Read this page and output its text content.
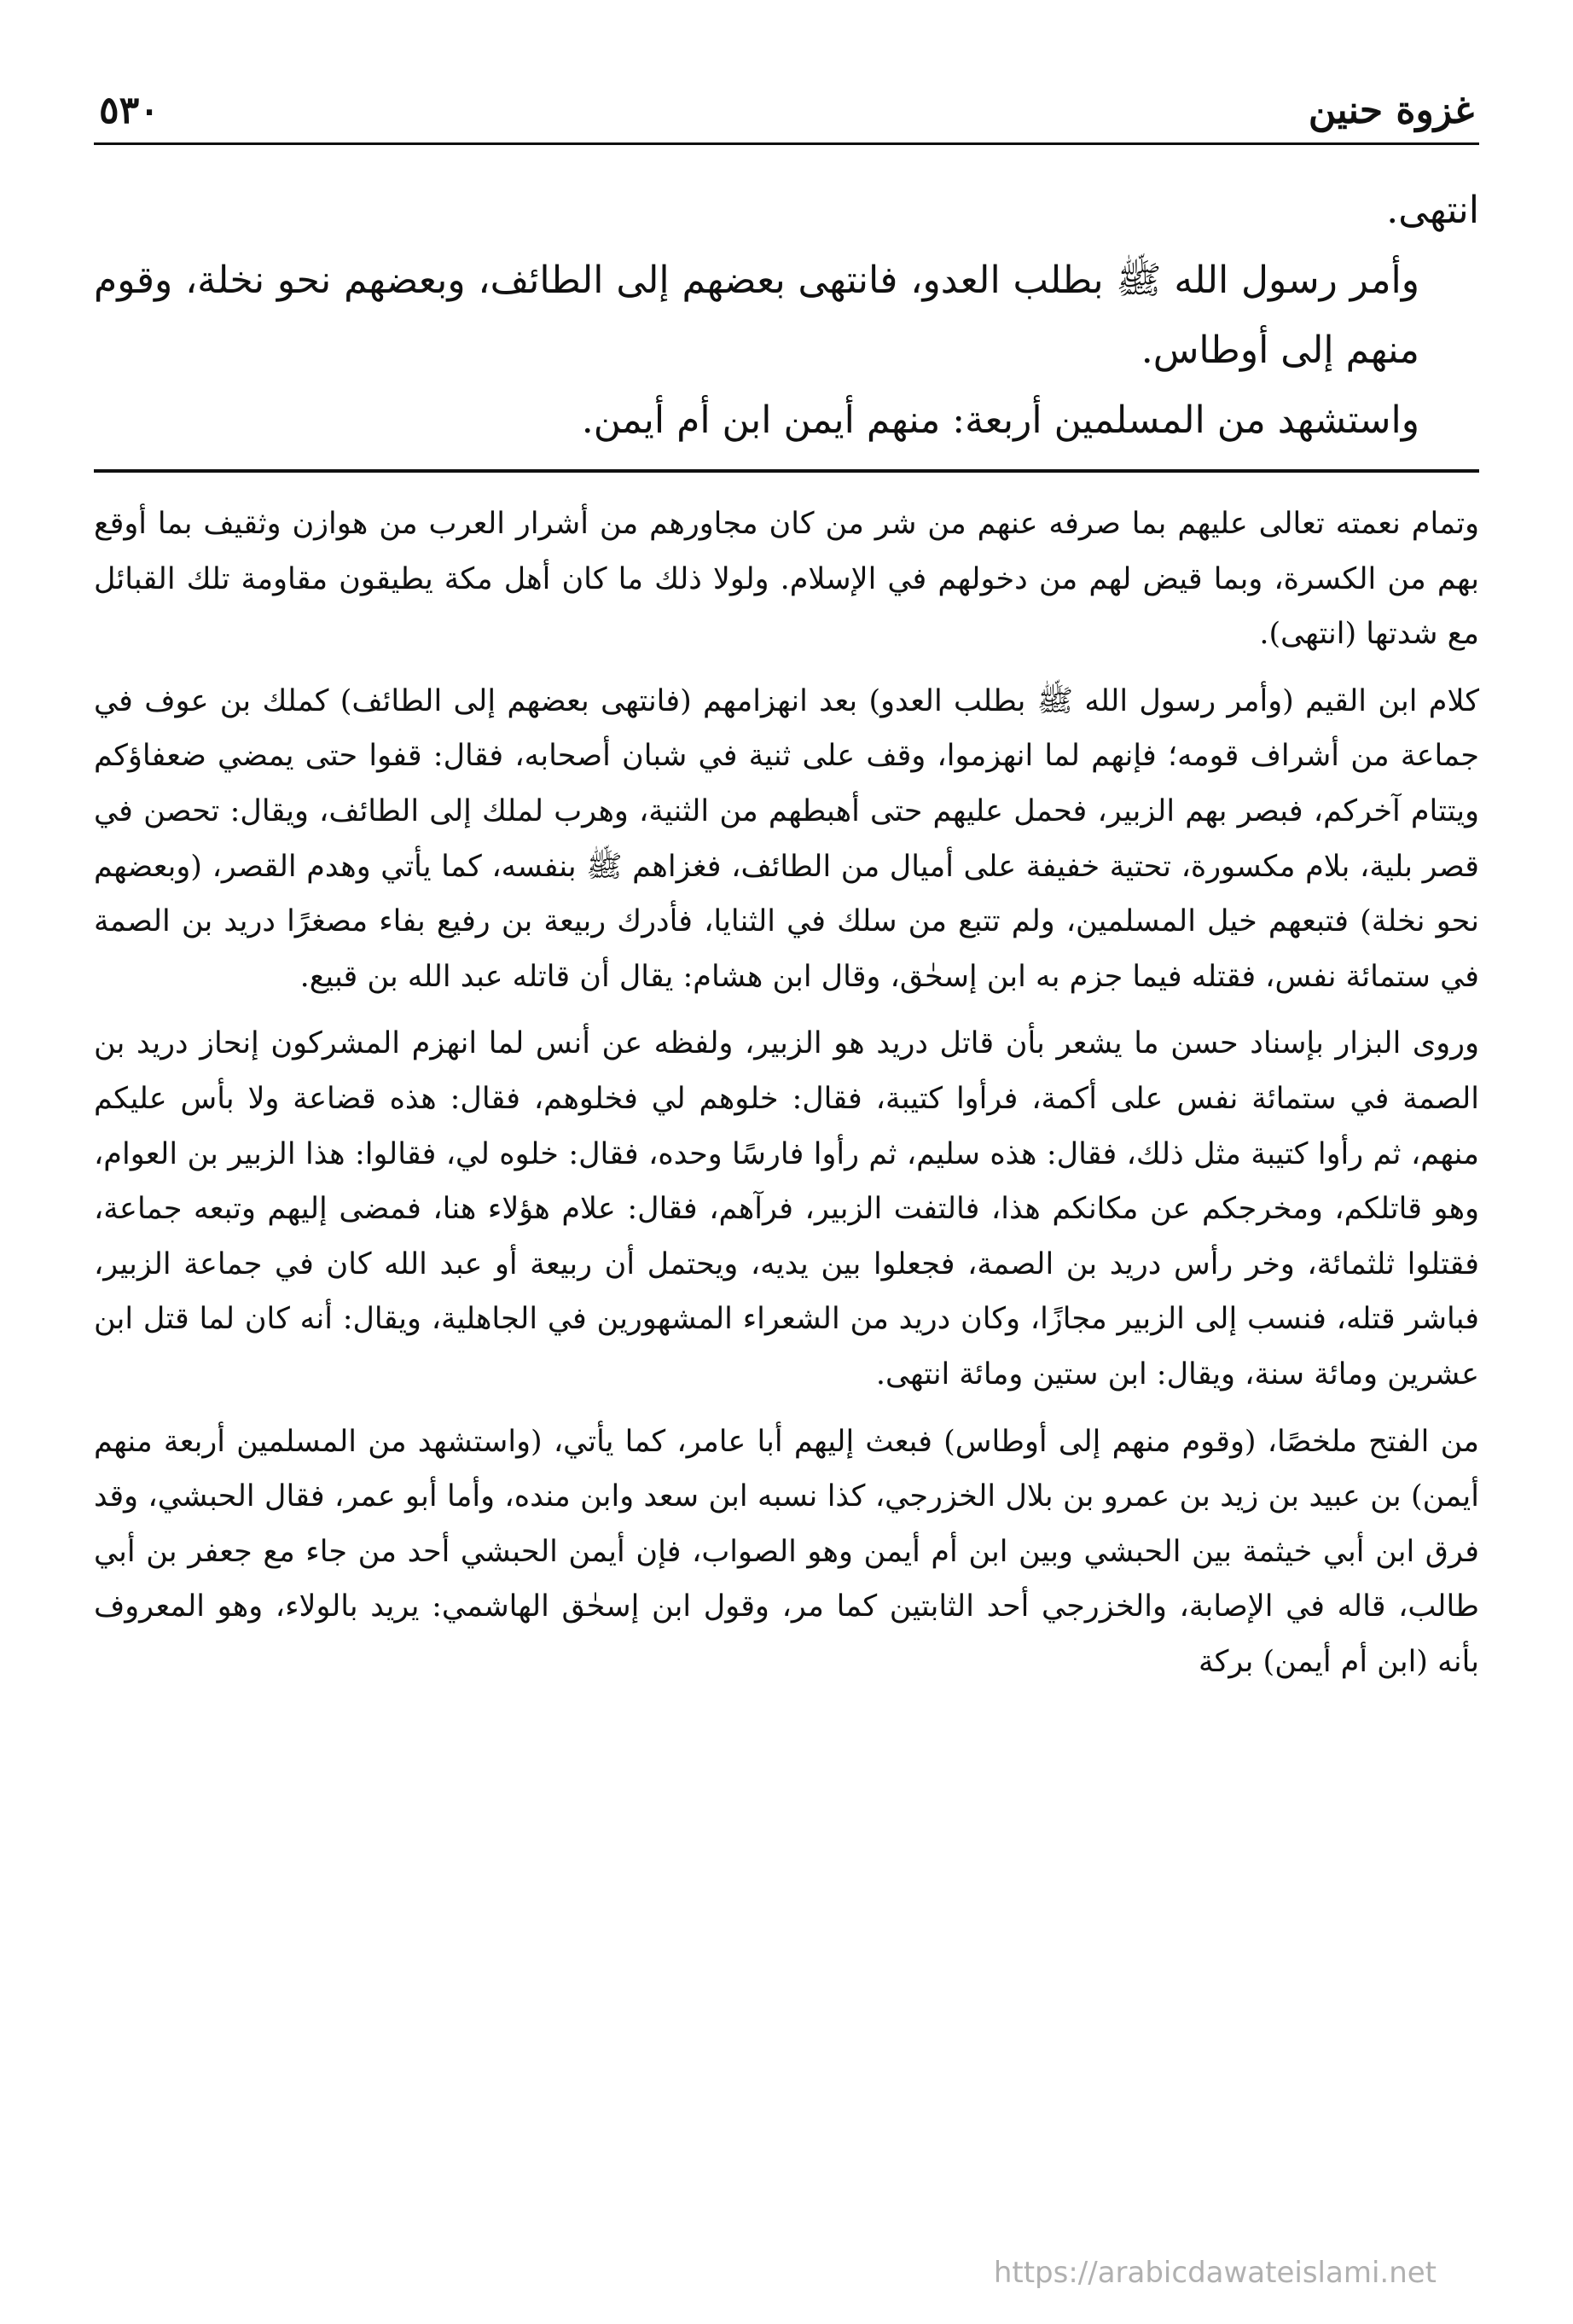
غزوة حنين
٥٣٠

انتهى.

وأمر رسول الله ﷺ بطلب العدو، فانتهى بعضهم إلى الطائف، وبعضهم نحو نخلة، وقوم منهم إلى أوطاس.

واستشهد من المسلمين أربعة: منهم أيمن ابن أم أيمن.

وتمام نعمته تعالى عليهم بما صرفه عنهم من شر من كان مجاورهم من أشرار العرب من هوازن وثقيف بما أوقع بهم من الكسرة، وبما قيض لهم من دخولهم في الإسلام. ولولا ذلك ما كان أهل مكة يطيقون مقاومة تلك القبائل مع شدتها (انتهى).

كلام ابن القيم (وأمر رسول الله ﷺ بطلب العدو) بعد انهزامهم (فانتهى بعضهم إلى الطائف) كملك بن عوف في جماعة من أشراف قومه؛ فإنهم لما انهزموا، وقف على ثنية في شبان أصحابه، فقال: قفوا حتى يمضي ضعفاؤكم ويتتام آخركم، فبصر بهم الزبير، فحمل عليهم حتى أهبطهم من الثنية، وهرب لملك إلى الطائف، ويقال: تحصن في قصر بلية، بلام مكسورة، تحتية خفيفة على أميال من الطائف، فغزاهم ﷺ بنفسه، كما يأتي وهدم القصر، (وبعضهم نحو نخلة) فتبعهم خيل المسلمين، ولم تتبع من سلك في الثنايا، فأدرك ربيعة بن رفيع بفاء مصغرًا دريد بن الصمة في ستمائة نفس، فقتله فيما جزم به ابن إسحٰق، وقال ابن هشام: يقال أن قاتله عبد الله بن قبيع.

وروى البزار بإسناد حسن ما يشعر بأن قاتل دريد هو الزبير، ولفظه عن أنس لما انهزم المشركون إنحاز دريد بن الصمة في ستمائة نفس على أكمة، فرأوا كتيبة، فقال: خلوهم لي فخلوهم، فقال: هذه قضاعة ولا بأس عليكم منهم، ثم رأوا كتيبة مثل ذلك، فقال: هذه سليم، ثم رأوا فارسًا وحده، فقال: خلوه لي، فقالوا: هذا الزبير بن العوام، وهو قاتلكم، ومخرجكم عن مكانكم هذا، فالتفت الزبير، فرآهم، فقال: علام هؤلاء هنا، فمضى إليهم وتبعه جماعة، فقتلوا ثلثمائة، وخر رأس دريد بن الصمة، فجعلوا بين يديه، ويحتمل أن ربيعة أو عبد الله كان في جماعة الزبير، فباشر قتله، فنسب إلى الزبير مجازًا، وكان دريد من الشعراء المشهورين في الجاهلية، ويقال: أنه كان لما قتل ابن عشرين ومائة سنة، ويقال: ابن ستين ومائة انتهى.

من الفتح ملخصًا، (وقوم منهم إلى أوطاس) فبعث إليهم أبا عامر، كما يأتي، (واستشهد من المسلمين أربعة منهم أيمن) بن عبيد بن زيد بن عمرو بن بلال الخزرجي، كذا نسبه ابن سعد وابن منده، وأما أبو عمر، فقال الحبشي، وقد فرق ابن أبي خيثمة بين الحبشي وبين ابن أم أيمن وهو الصواب، فإن أيمن الحبشي أحد من جاء مع جعفر بن أبي طالب، قاله في الإصابة، والخزرجي أحد الثابتين كما مر، وقول ابن إسحٰق الهاشمي: يريد بالولاء، وهو المعروف بأنه (ابن أم أيمن) بركة

https://arabicdawateislami.net
